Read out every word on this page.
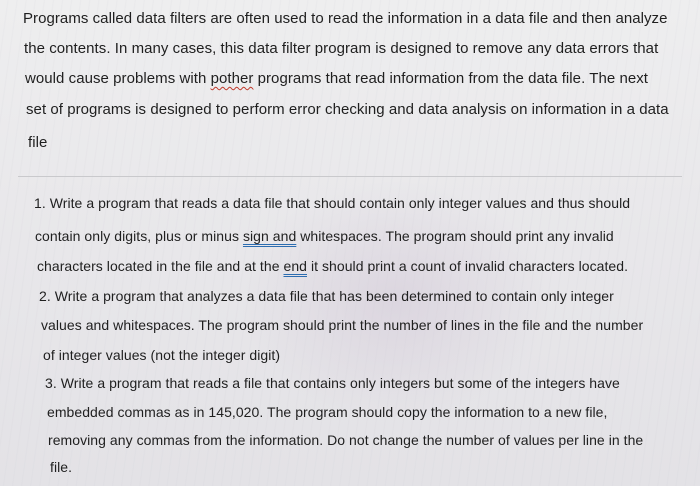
Programs called data filters are often used to read the information in a data file and then analyze

the contents. In many cases, this data filter program is designed to remove any data errors that

would cause problems with pother programs that read information from the data file. The next

set of programs is designed to perform error checking and data analysis on information in a data

file

1. Write a program that reads a data file that should contain only integer values and thus should

contain only digits, plus or minus sign and whitespaces. The program should print any invalid

characters located in the file and at the end it should print a count of invalid characters located.

2. Write a program that analyzes a data file that has been determined to contain only integer

values and whitespaces. The program should print the number of lines in the file and the number

of integer values (not the integer digit)

3. Write a program that reads a file that contains only integers but some of the integers have

embedded commas as in 145,020. The program should copy the information to a new file,

removing any commas from the information. Do not change the number of values per line in the

file.
